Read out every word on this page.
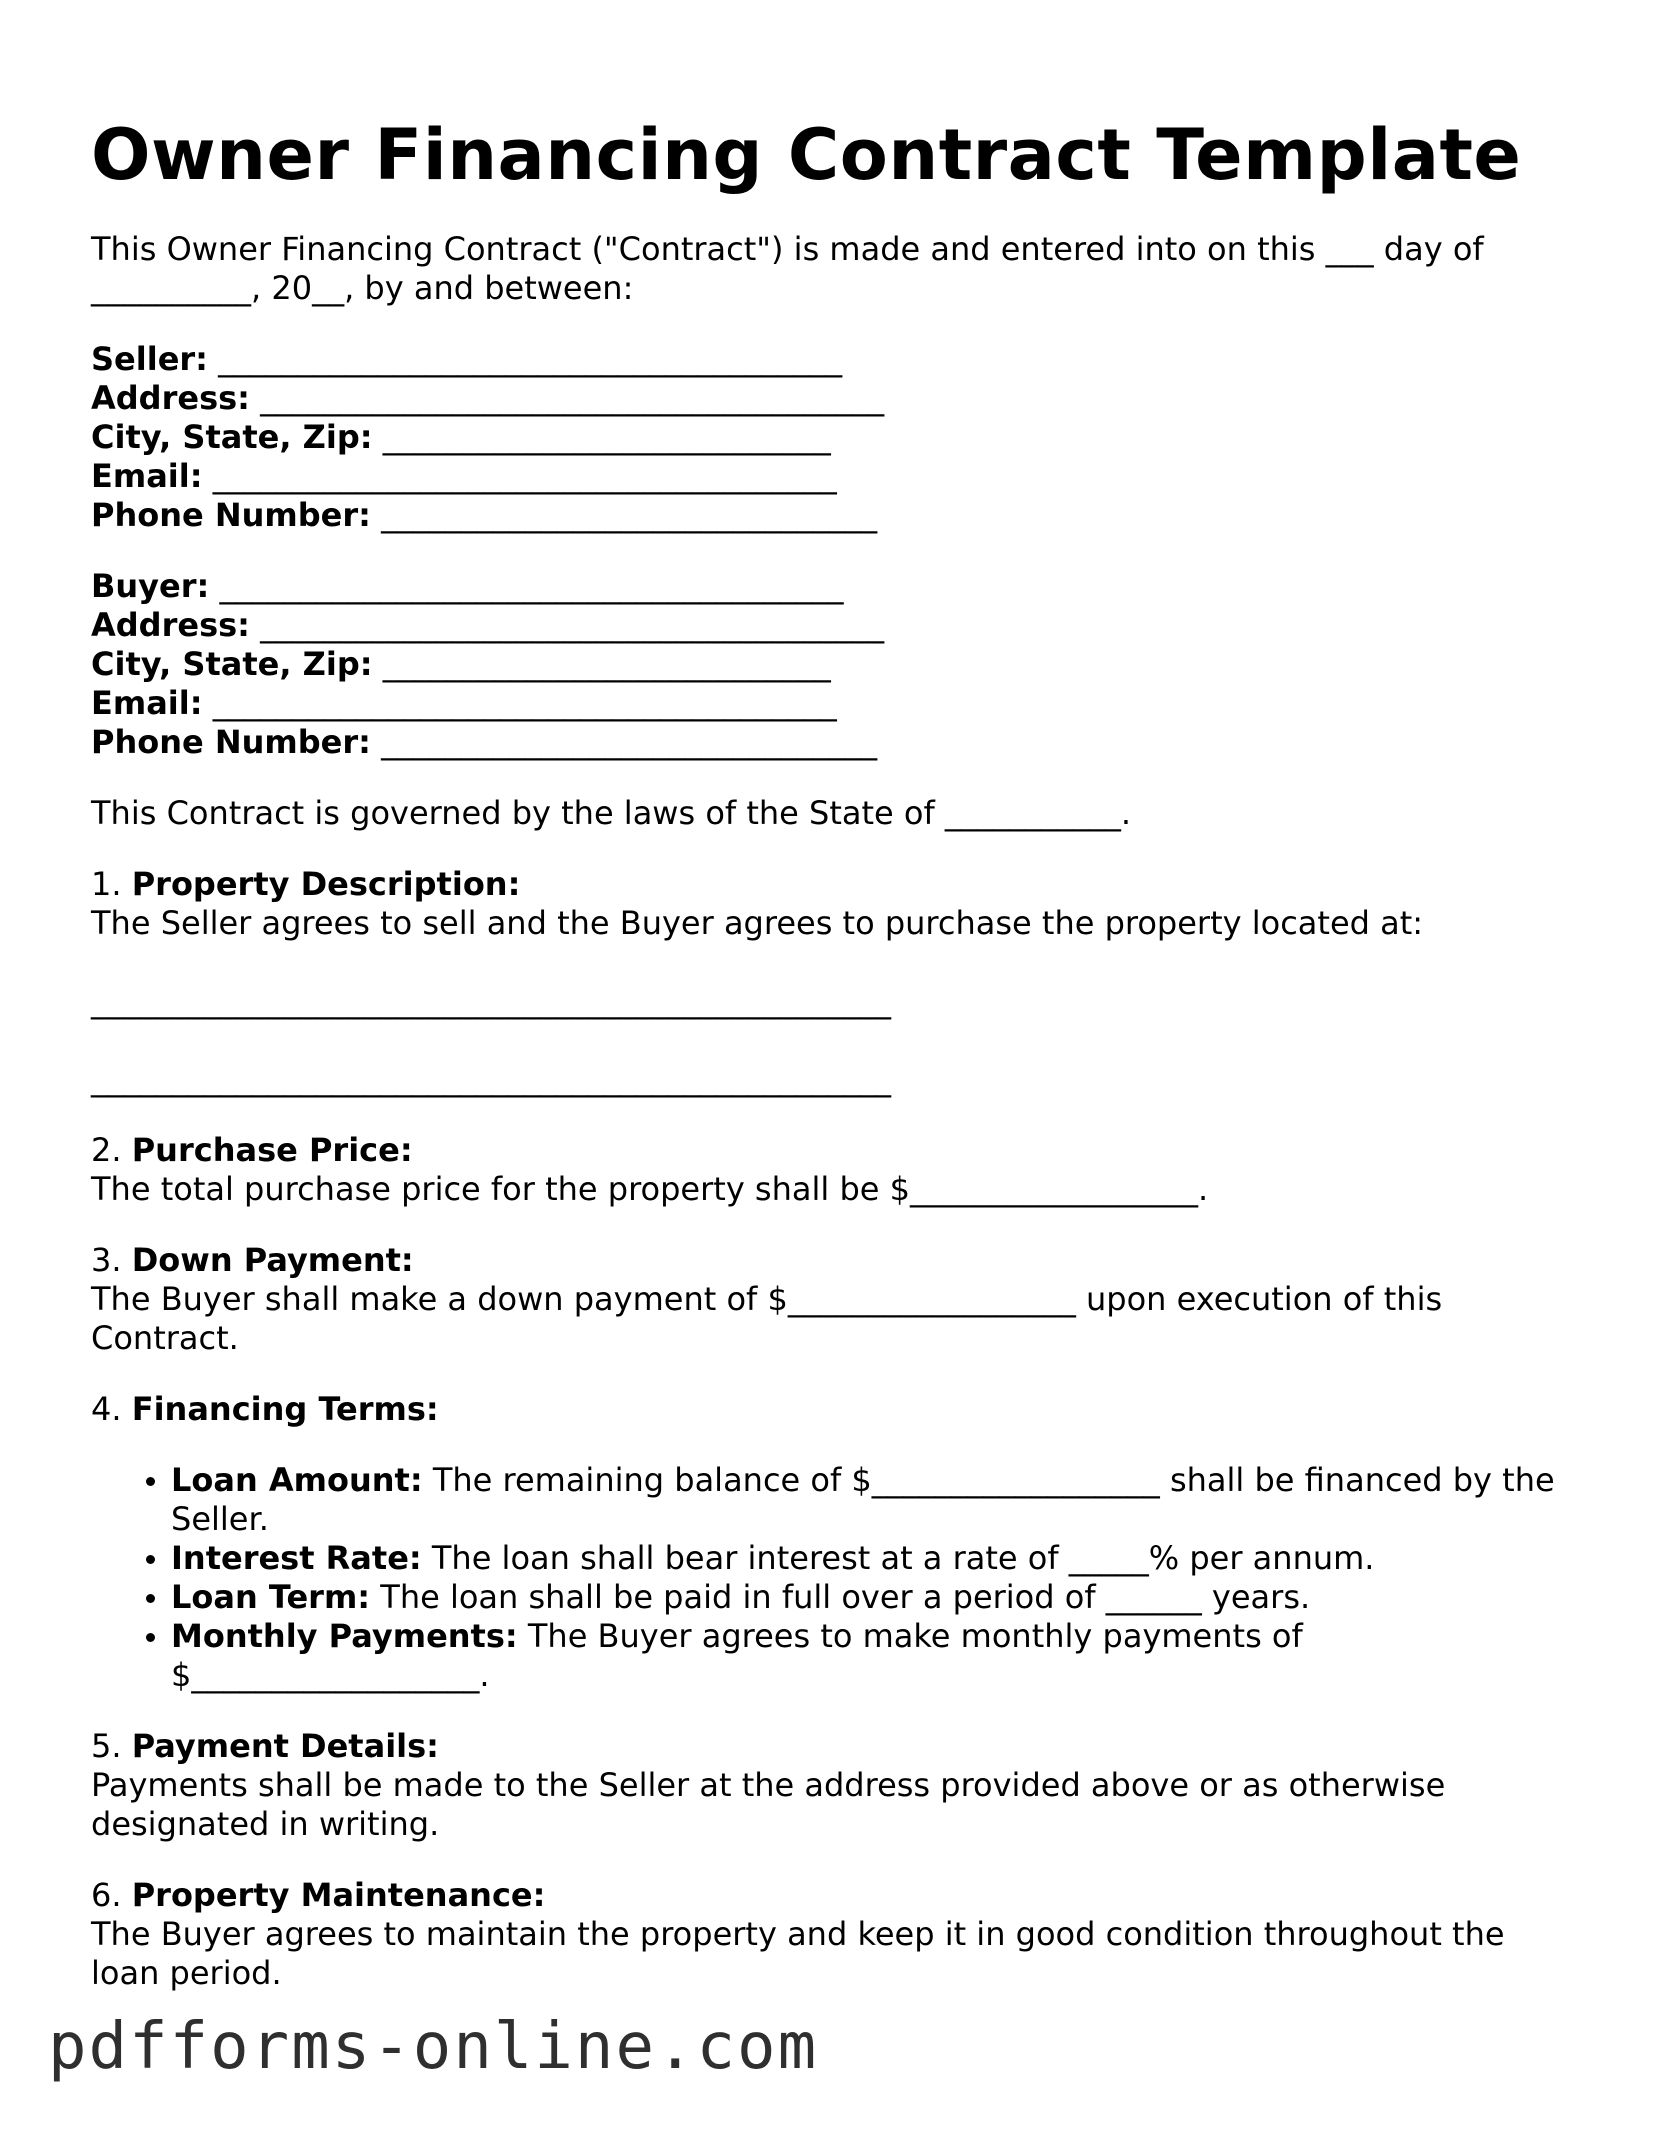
Owner Financing Contract Template

This Owner Financing Contract ("Contract") is made and entered into on this ___ day of __________, 20__, by and between:

Seller: _______________________________________
Address: _______________________________________
City, State, Zip: ____________________________
Email: _______________________________________
Phone Number: _______________________________
Buyer: _______________________________________
Address: _______________________________________
City, State, Zip: ____________________________
Email: _______________________________________
Phone Number: _______________________________

This Contract is governed by the laws of the State of ___________.

1. Property Description:
The Seller agrees to sell and the Buyer agrees to purchase the property located at:
__________________________________________________
__________________________________________________
2. Purchase Price:
The total purchase price for the property shall be $__________________.
3. Down Payment:
The Buyer shall make a down payment of $__________________ upon execution of this Contract.
4. Financing Terms:
• Loan Amount: The remaining balance of $__________________ shall be financed by the Seller.
• Interest Rate: The loan shall bear interest at a rate of _____% per annum.
• Loan Term: The loan shall be paid in full over a period of ______ years.
• Monthly Payments: The Buyer agrees to make monthly payments of $__________________.
5. Payment Details:
Payments shall be made to the Seller at the address provided above or as otherwise designated in writing.
6. Property Maintenance:
The Buyer agrees to maintain the property and keep it in good condition throughout the loan period.
pdfforms-online.com
